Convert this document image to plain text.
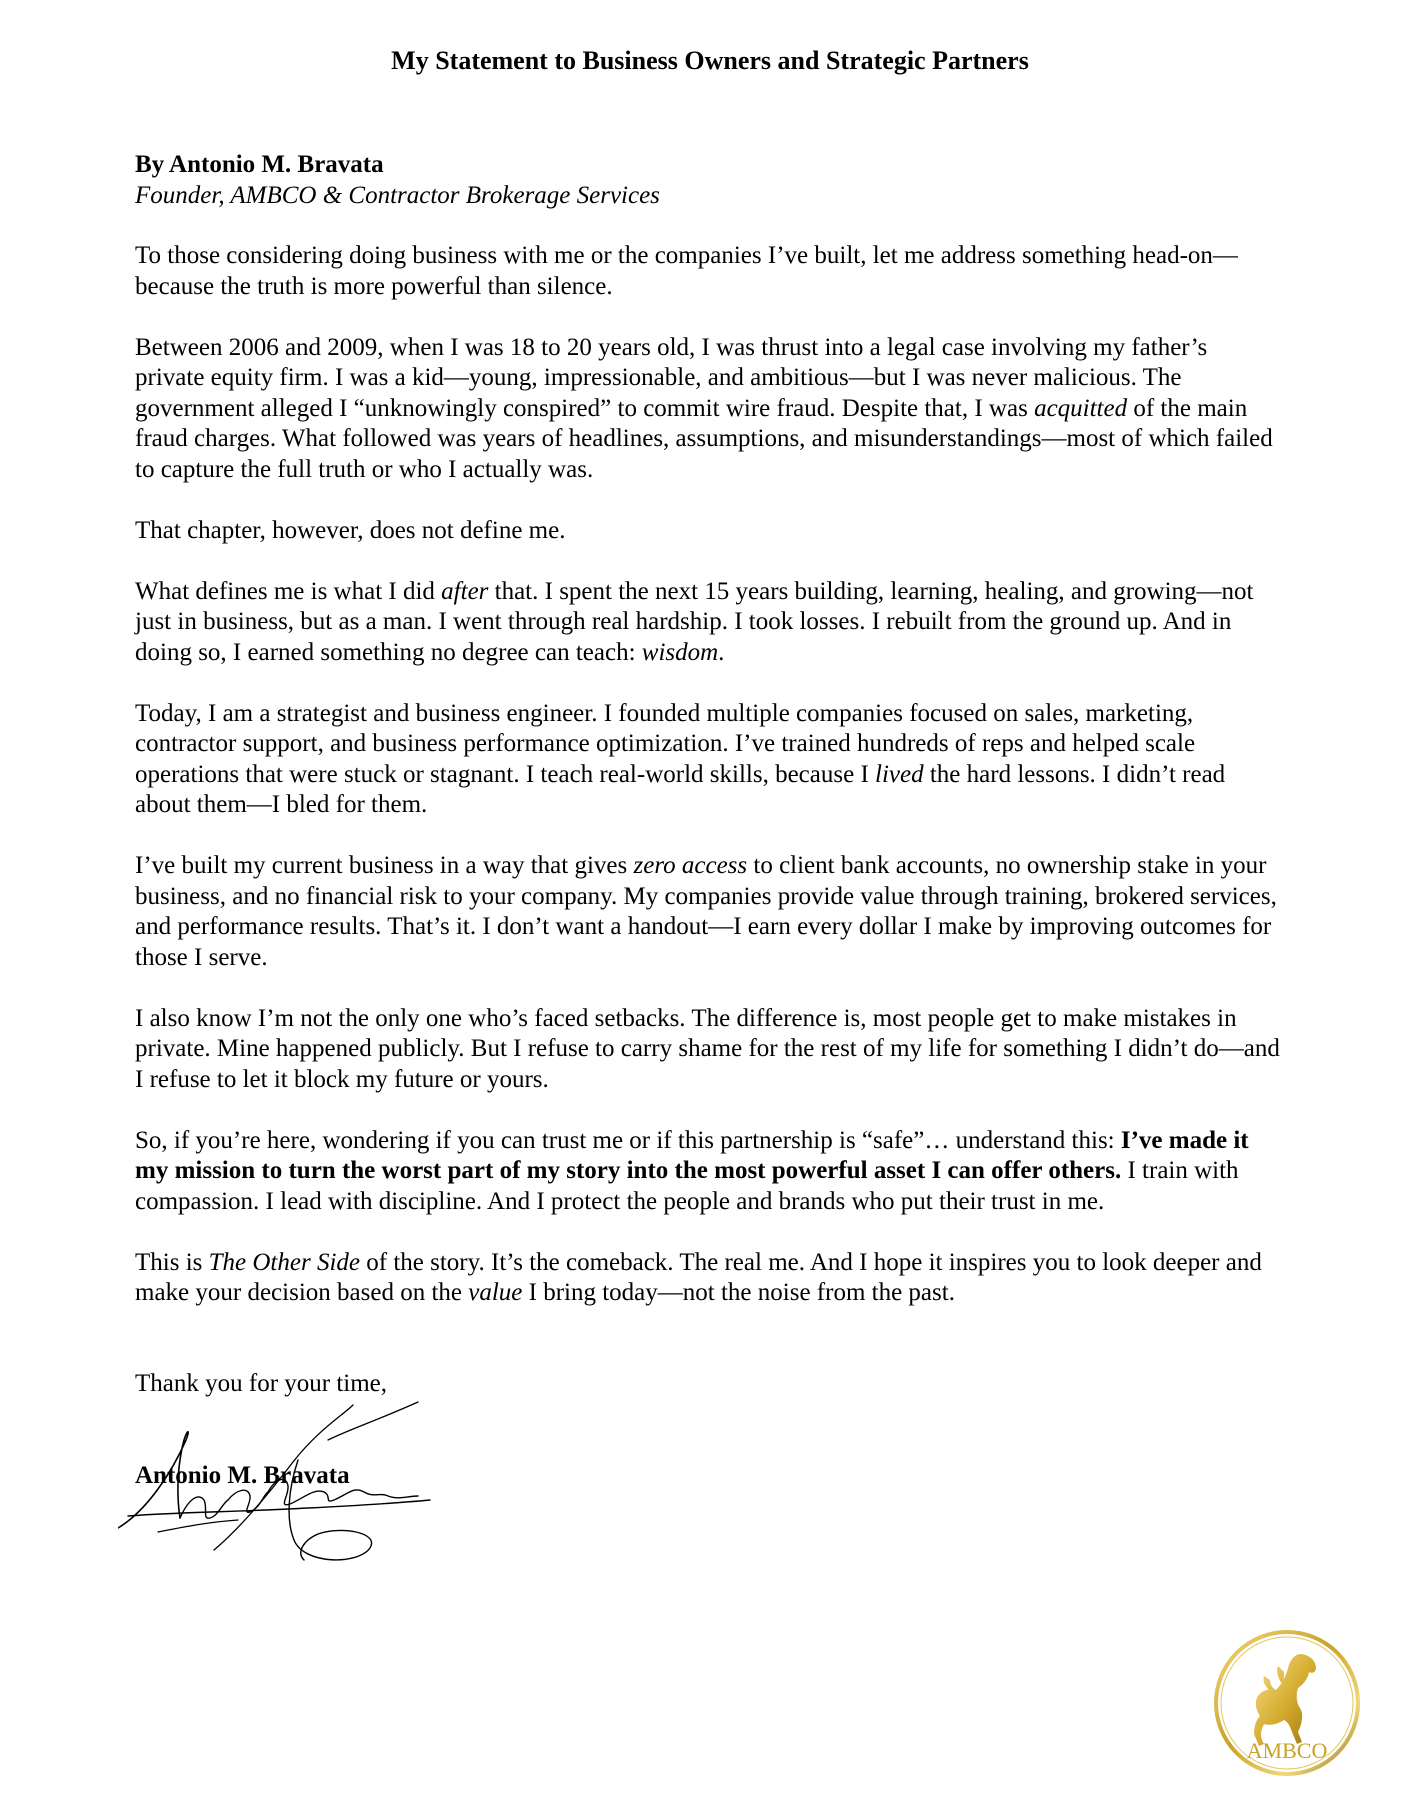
My Statement to Business Owners and Strategic Partners

By Antonio M. Bravata

Founder, AMBCO & Contractor Brokerage Services

To those considering doing business with me or the companies I’ve built, let me address something head-on—because the truth is more powerful than silence.

Between 2006 and 2009, when I was 18 to 20 years old, I was thrust into a legal case involving my father’s private equity firm. I was a kid—young, impressionable, and ambitious—but I was never malicious. The government alleged I “unknowingly conspired” to commit wire fraud. Despite that, I was acquitted of the main fraud charges. What followed was years of headlines, assumptions, and misunderstandings—most of which failed to capture the full truth or who I actually was.

That chapter, however, does not define me.

What defines me is what I did after that. I spent the next 15 years building, learning, healing, and growing—not just in business, but as a man. I went through real hardship. I took losses. I rebuilt from the ground up. And in doing so, I earned something no degree can teach: wisdom.

Today, I am a strategist and business engineer. I founded multiple companies focused on sales, marketing, contractor support, and business performance optimization. I’ve trained hundreds of reps and helped scale operations that were stuck or stagnant. I teach real-world skills, because I lived the hard lessons. I didn’t read about them—I bled for them.

I’ve built my current business in a way that gives zero access to client bank accounts, no ownership stake in your business, and no financial risk to your company. My companies provide value through training, brokered services, and performance results. That’s it. I don’t want a handout—I earn every dollar I make by improving outcomes for those I serve.

I also know I’m not the only one who’s faced setbacks. The difference is, most people get to make mistakes in private. Mine happened publicly. But I refuse to carry shame for the rest of my life for something I didn’t do—and I refuse to let it block my future or yours.

So, if you’re here, wondering if you can trust me or if this partnership is “safe”… understand this: I’ve made it my mission to turn the worst part of my story into the most powerful asset I can offer others. I train with compassion. I lead with discipline. And I protect the people and brands who put their trust in me.

This is The Other Side of the story. It’s the comeback. The real me. And I hope it inspires you to look deeper and make your decision based on the value I bring today—not the noise from the past.

Thank you for your time,

Antonio M. Bravata

AMBCO
